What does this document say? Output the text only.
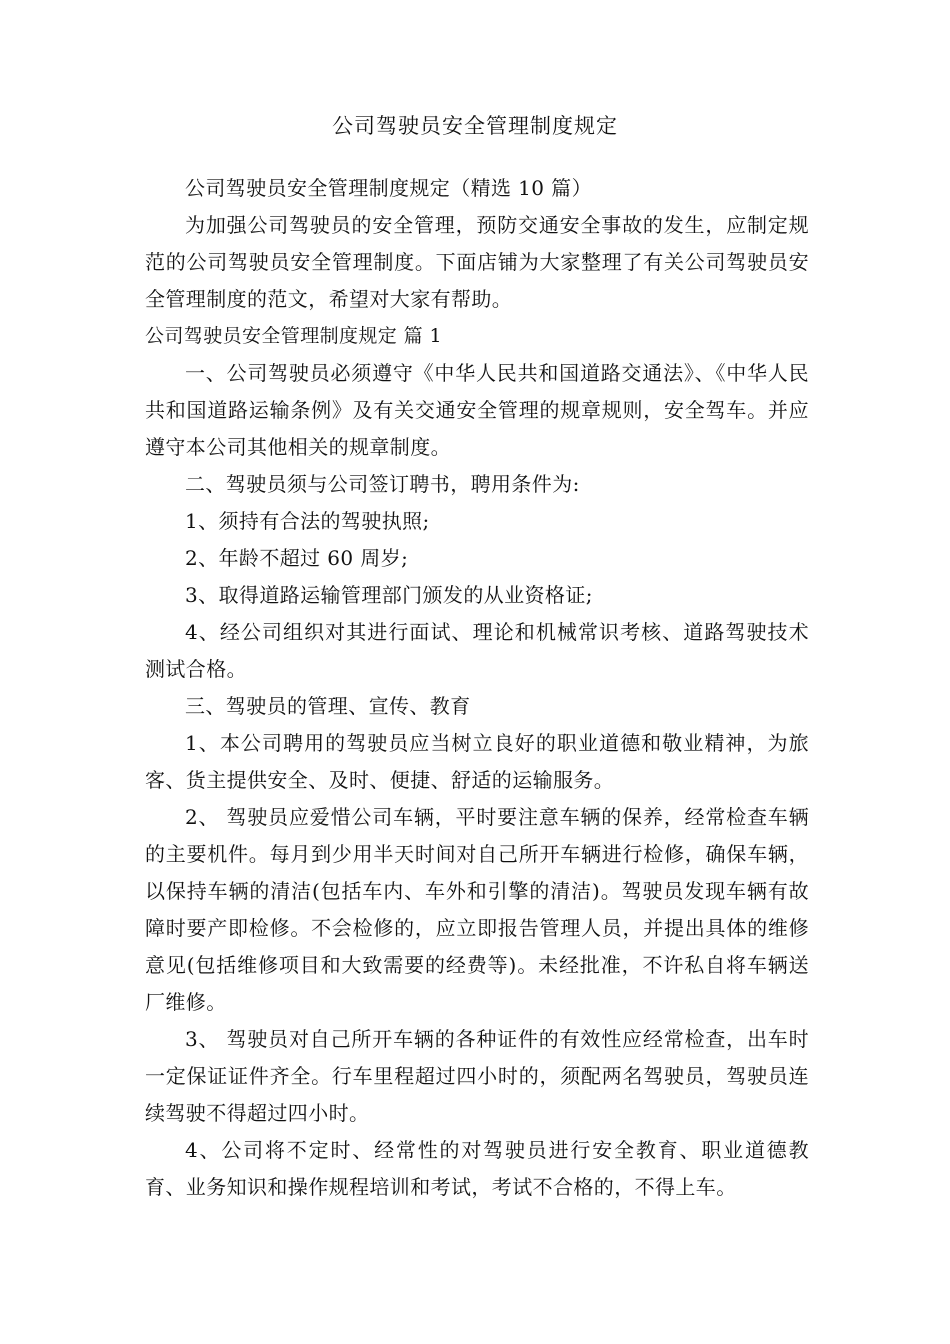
公司驾驶员安全管理制度规定

公司驾驶员安全管理制度规定（精选 10 篇）

为加强公司驾驶员的安全管理，预防交通安全事故的发生，应制定规范的公司驾驶员安全管理制度。下面店铺为大家整理了有关公司驾驶员安全管理制度的范文，希望对大家有帮助。

公司驾驶员安全管理制度规定 篇 1

一、公司驾驶员必须遵守《中华人民共和国道路交通法》、《中华人民共和国道路运输条例》及有关交通安全管理的规章规则，安全驾车。并应遵守本公司其他相关的规章制度。

二、驾驶员须与公司签订聘书，聘用条件为:

1、须持有合法的驾驶执照;

2、年龄不超过 60 周岁;

3、取得道路运输管理部门颁发的从业资格证;

4、经公司组织对其进行面试、理论和机械常识考核、道路驾驶技术测试合格。

三、驾驶员的管理、宣传、教育

1、本公司聘用的驾驶员应当树立良好的职业道德和敬业精神，为旅客、货主提供安全、及时、便捷、舒适的运输服务。

2、 驾驶员应爱惜公司车辆，平时要注意车辆的保养，经常检查车辆的主要机件。每月到少用半天时间对自己所开车辆进行检修，确保车辆，以保持车辆的清洁(包括车内、车外和引擎的清洁)。驾驶员发现车辆有故障时要产即检修。不会检修的，应立即报告管理人员，并提出具体的维修意见(包括维修项目和大致需要的经费等)。未经批准，不许私自将车辆送厂维修。

3、 驾驶员对自己所开车辆的各种证件的有效性应经常检查，出车时一定保证证件齐全。行车里程超过四小时的，须配两名驾驶员，驾驶员连续驾驶不得超过四小时。

4、公司将不定时、经常性的对驾驶员进行安全教育、职业道德教育、业务知识和操作规程培训和考试，考试不合格的，不得上车。
